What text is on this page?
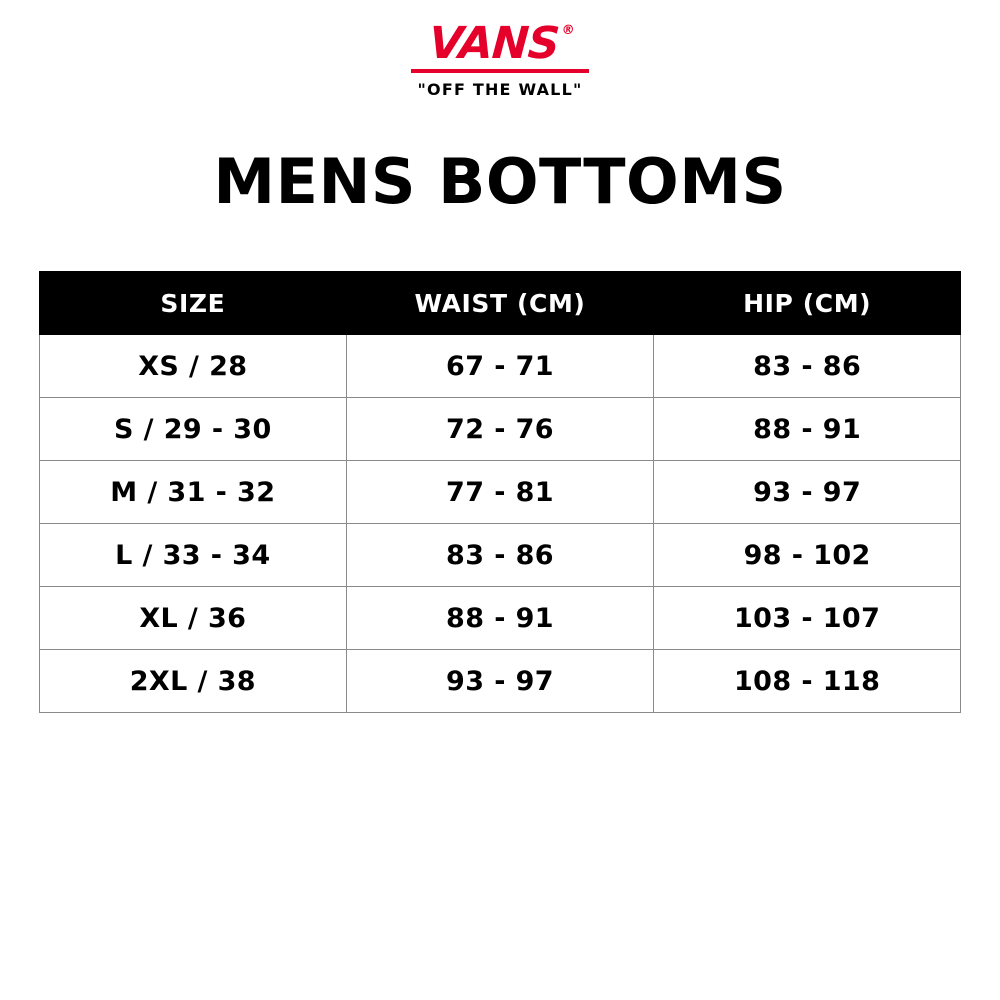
VANS®
"OFF THE WALL"
MENS BOTTOMS
SIZE	WAIST (CM)	HIP (CM)
XS / 28	67 - 71	83 - 86
S / 29 - 30	72 - 76	88 - 91
M / 31 - 32	77 - 81	93 - 97
L / 33 - 34	83 - 86	98 - 102
XL / 36	88 - 91	103 - 107
2XL / 38	93 - 97	108 - 118
